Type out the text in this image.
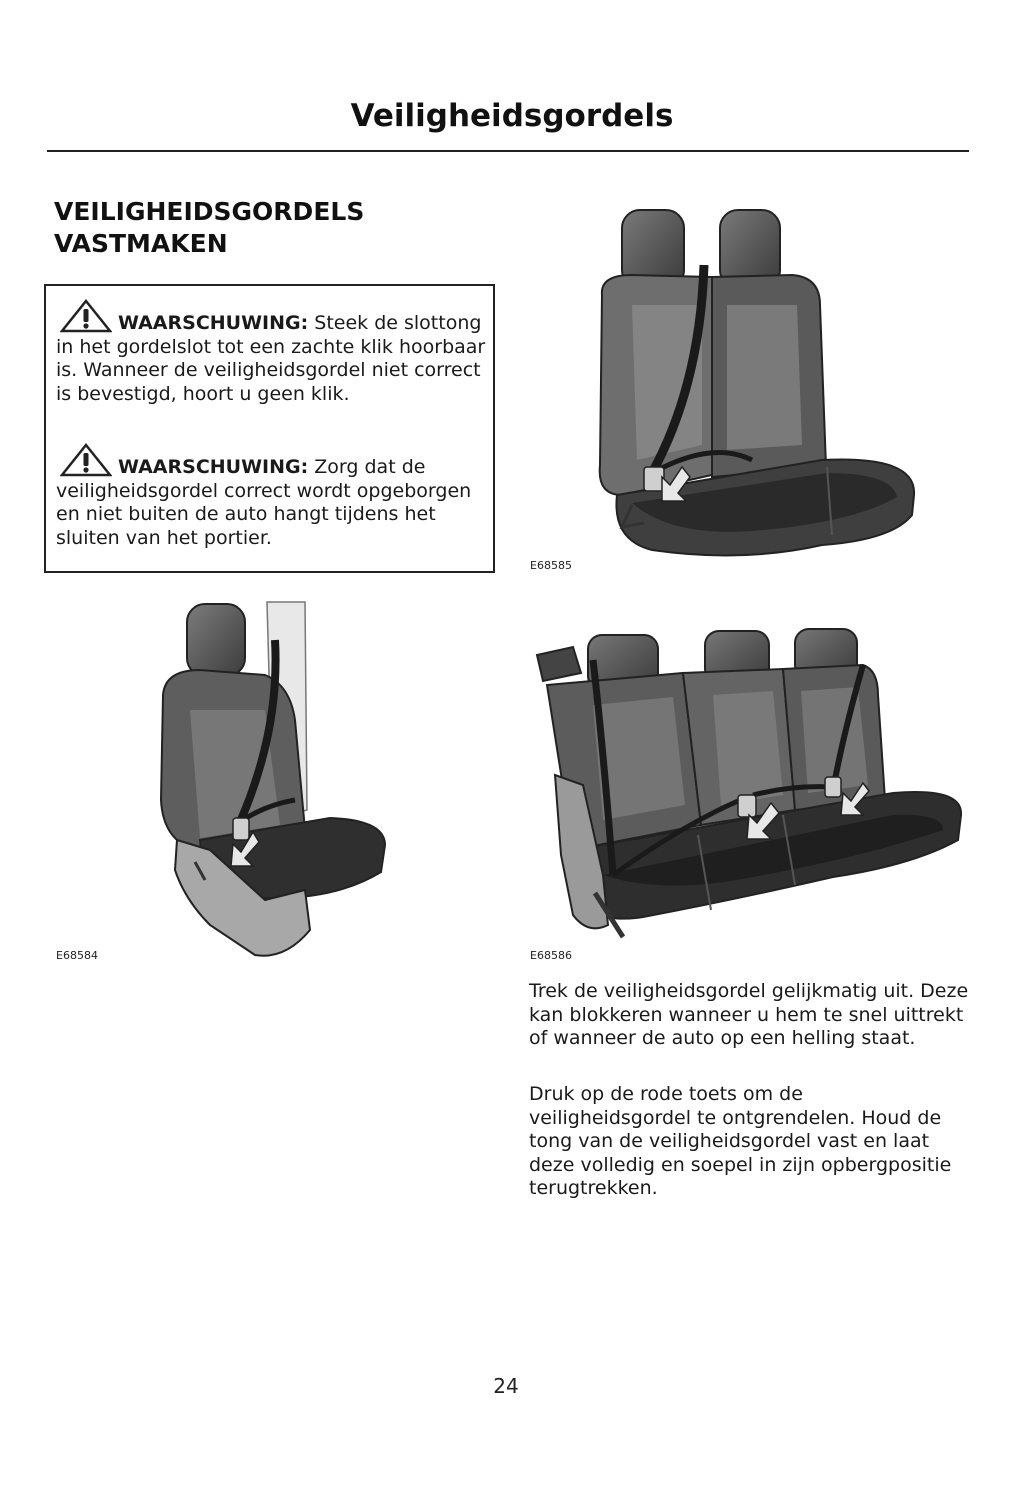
Veiligheidsgordels
VEILIGHEIDSGORDELS
VASTMAKEN
WAARSCHUWING: Steek de slottong in het gordelslot tot een zachte klik hoorbaar is. Wanneer de veiligheidsgordel niet correct is bevestigd, hoort u geen klik.
WAARSCHUWING: Zorg dat de veiligheidsgordel correct wordt opgeborgen en niet buiten de auto hangt tijdens het sluiten van het portier.
E68585
E68584	E68586

Trek de veiligheidsgordel gelijkmatig uit. Deze kan blokkeren wanneer u hem te snel uittrekt of wanneer de auto op een helling staat.

Druk op de rode toets om de veiligheidsgordel te ontgrendelen. Houd de tong van de veiligheidsgordel vast en laat deze volledig en soepel in zijn opbergpositie terugtrekken.

24
